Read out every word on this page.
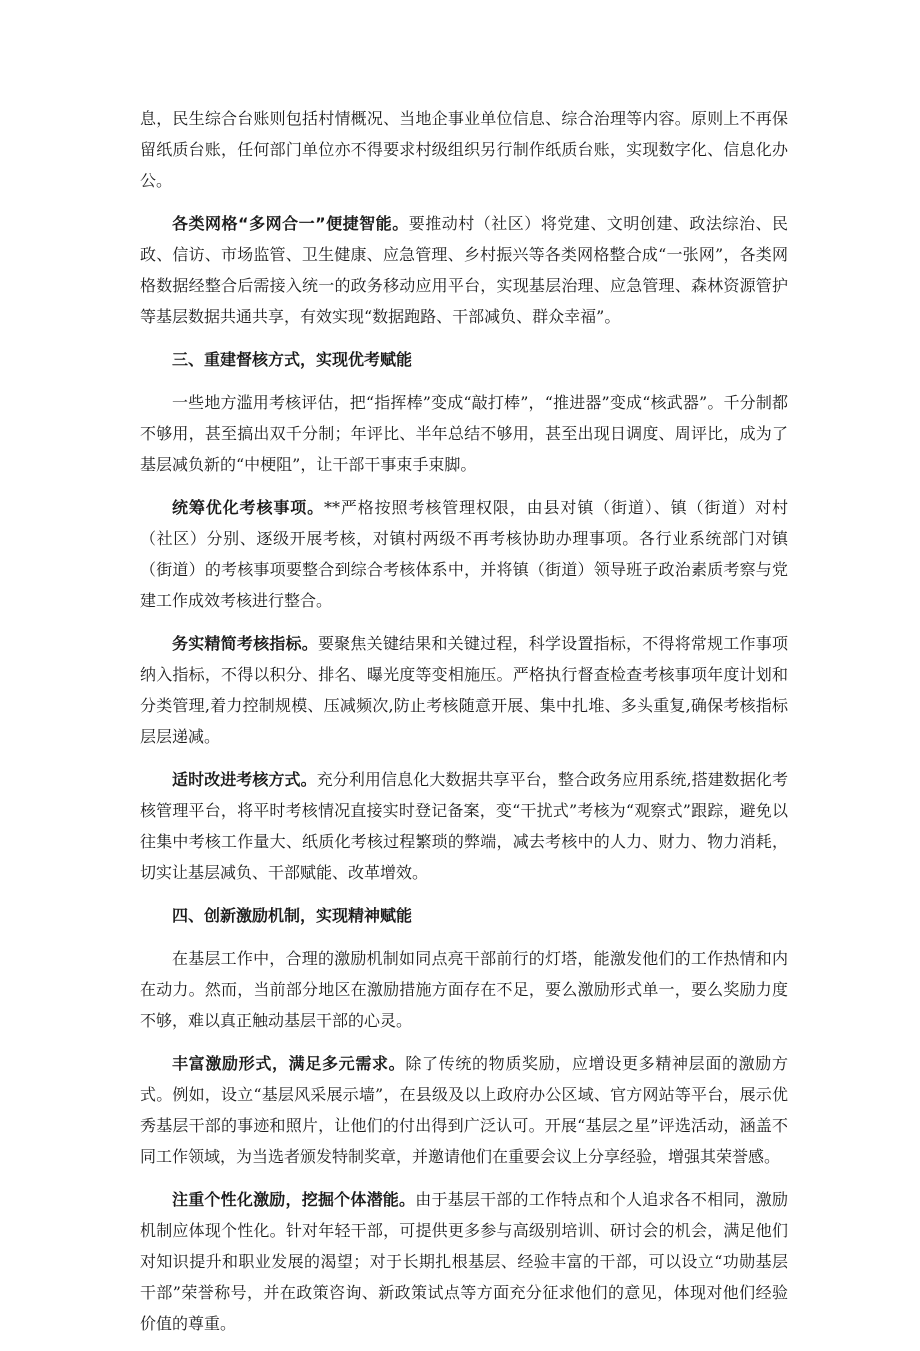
息，民生综合台账则包括村情概况、当地企事业单位信息、综合治理等内容。原则上不再保留纸质台账，任何部门单位亦不得要求村级组织另行制作纸质台账，实现数字化、信息化办公。

各类网格“多网合一”便捷智能。要推动村（社区）将党建、文明创建、政法综治、民政、信访、市场监管、卫生健康、应急管理、乡村振兴等各类网格整合成“一张网”，各类网格数据经整合后需接入统一的政务移动应用平台，实现基层治理、应急管理、森林资源管护等基层数据共通共享，有效实现“数据跑路、干部减负、群众幸福”。

三、重建督核方式，实现优考赋能

一些地方滥用考核评估，把“指挥棒”变成“敲打棒”，“推进器”变成“核武器”。千分制都不够用，甚至搞出双千分制；年评比、半年总结不够用，甚至出现日调度、周评比，成为了基层减负新的“中梗阻”，让干部干事束手束脚。

统筹优化考核事项。**严格按照考核管理权限，由县对镇（街道）、镇（街道）对村（社区）分别、逐级开展考核，对镇村两级不再考核协助办理事项。各行业系统部门对镇（街道）的考核事项要整合到综合考核体系中，并将镇（街道）领导班子政治素质考察与党建工作成效考核进行整合。

务实精简考核指标。要聚焦关键结果和关键过程，科学设置指标，不得将常规工作事项纳入指标，不得以积分、排名、曝光度等变相施压。严格执行督查检查考核事项年度计划和分类管理,着力控制规模、压减频次,防止考核随意开展、集中扎堆、多头重复,确保考核指标层层递减。

适时改进考核方式。充分利用信息化大数据共享平台，整合政务应用系统,搭建数据化考核管理平台，将平时考核情况直接实时登记备案，变“干扰式”考核为“观察式”跟踪，避免以往集中考核工作量大、纸质化考核过程繁琐的弊端，减去考核中的人力、财力、物力消耗，切实让基层减负、干部赋能、改革增效。

四、创新激励机制，实现精神赋能

在基层工作中，合理的激励机制如同点亮干部前行的灯塔，能激发他们的工作热情和内在动力。然而，当前部分地区在激励措施方面存在不足，要么激励形式单一，要么奖励力度不够，难以真正触动基层干部的心灵。

丰富激励形式，满足多元需求。除了传统的物质奖励，应增设更多精神层面的激励方式。例如，设立“基层风采展示墙”，在县级及以上政府办公区域、官方网站等平台，展示优秀基层干部的事迹和照片，让他们的付出得到广泛认可。开展“基层之星”评选活动，涵盖不同工作领域，为当选者颁发特制奖章，并邀请他们在重要会议上分享经验，增强其荣誉感。

注重个性化激励，挖掘个体潜能。由于基层干部的工作特点和个人追求各不相同，激励机制应体现个性化。针对年轻干部，可提供更多参与高级别培训、研讨会的机会，满足他们对知识提升和职业发展的渴望；对于长期扎根基层、经验丰富的干部，可以设立“功勋基层干部”荣誉称号，并在政策咨询、新政策试点等方面充分征求他们的意见，体现对他们经验价值的尊重。
